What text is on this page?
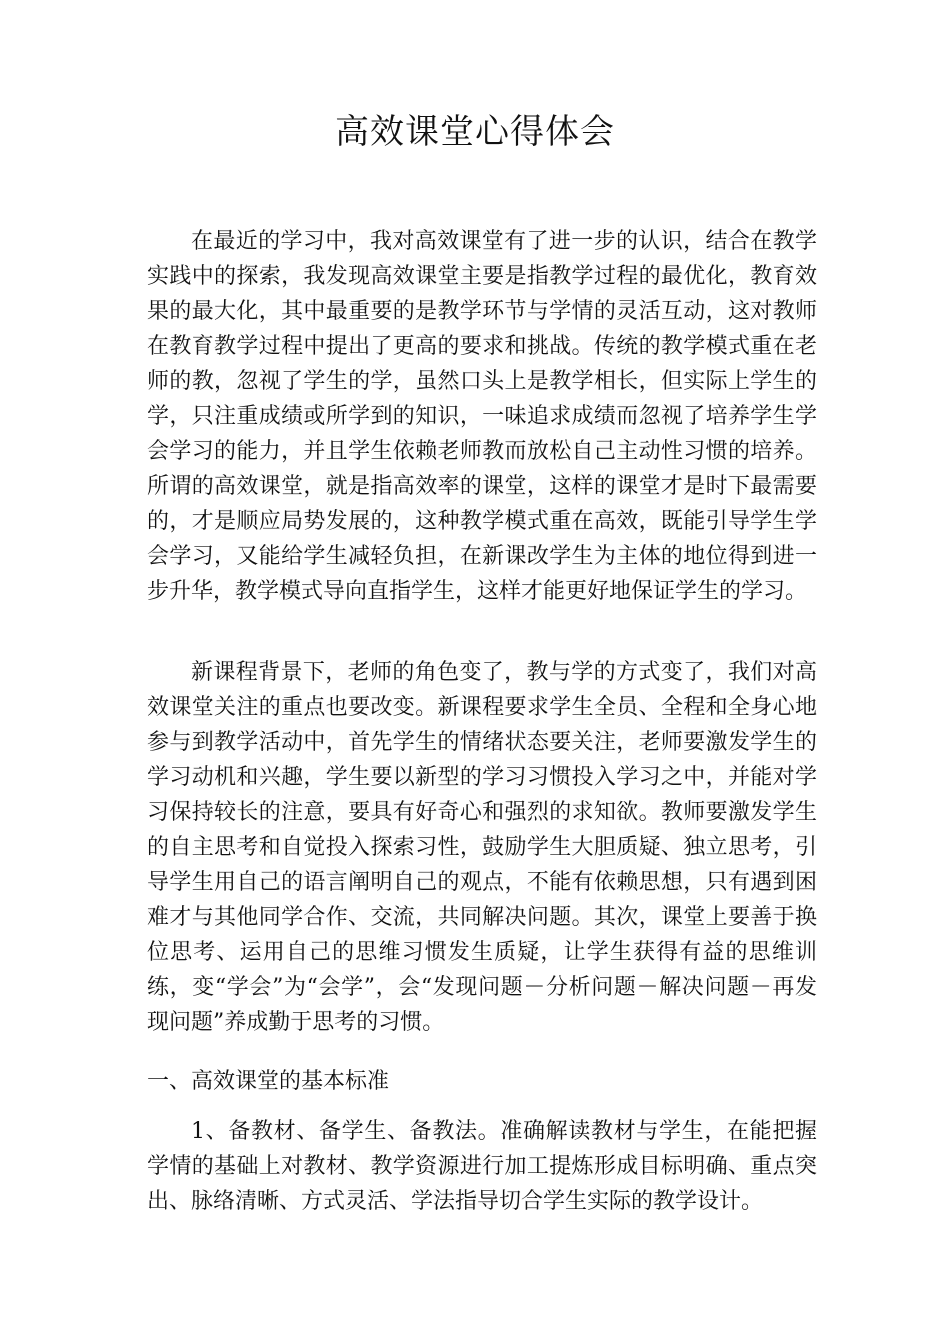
高效课堂心得体会

在最近的学习中，我对高效课堂有了进一步的认识，结合在教学实践中的探索，我发现高效课堂主要是指教学过程的最优化，教育效果的最大化，其中最重要的是教学环节与学情的灵活互动，这对教师在教育教学过程中提出了更高的要求和挑战。传统的教学模式重在老师的教，忽视了学生的学，虽然口头上是教学相长，但实际上学生的学，只注重成绩或所学到的知识，一味追求成绩而忽视了培养学生学会学习的能力，并且学生依赖老师教而放松自己主动性习惯的培养。所谓的高效课堂，就是指高效率的课堂，这样的课堂才是时下最需要的，才是顺应局势发展的，这种教学模式重在高效，既能引导学生学会学习，又能给学生减轻负担，在新课改学生为主体的地位得到进一步升华，教学模式导向直指学生，这样才能更好地保证学生的学习。

新课程背景下，老师的角色变了，教与学的方式变了，我们对高效课堂关注的重点也要改变。新课程要求学生全员、全程和全身心地参与到教学活动中，首先学生的情绪状态要关注，老师要激发学生的学习动机和兴趣，学生要以新型的学习习惯投入学习之中，并能对学习保持较长的注意，要具有好奇心和强烈的求知欲。教师要激发学生的自主思考和自觉投入探索习性，鼓励学生大胆质疑、独立思考，引导学生用自己的语言阐明自己的观点，不能有依赖思想，只有遇到困难才与其他同学合作、交流，共同解决问题。其次，课堂上要善于换位思考、运用自己的思维习惯发生质疑，让学生获得有益的思维训练，变“学会”为“会学”，会“发现问题－分析问题－解决问题－再发现问题”养成勤于思考的习惯。

一、高效课堂的基本标准

1、备教材、备学生、备教法。准确解读教材与学生，在能把握学情的基础上对教材、教学资源进行加工提炼形成目标明确、重点突出、脉络清晰、方式灵活、学法指导切合学生实际的教学设计。
